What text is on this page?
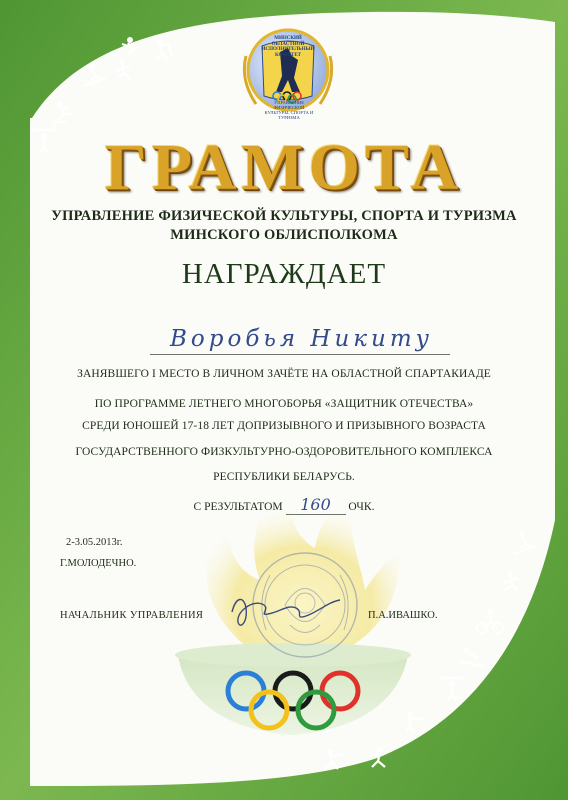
МИНСКИЙ ОБЛАСТНОЙ ИСПОЛНИТЕЛЬНЫЙ КОМИТЕТ
УПРАВЛЕНИЕ ФИЗИЧЕСКОЙ КУЛЬТУРЫ, СПОРТА И ТУРИЗМА
ГРАМОТА
УПРАВЛЕНИЕ ФИЗИЧЕСКОЙ КУЛЬТУРЫ, СПОРТА И ТУРИЗМА
МИНСКОГО ОБЛИСПОЛКОМА
НАГРАЖДАЕТ
Воробья Никиту
ЗАНЯВШЕГО I МЕСТО В ЛИЧНОМ ЗАЧЁТЕ НА ОБЛАСТНОЙ СПАРТАКИАДЕ
ПО ПРОГРАММЕ ЛЕТНЕГО МНОГОБОРЬЯ «ЗАЩИТНИК ОТЕЧЕСТВА»
СРЕДИ ЮНОШЕЙ 17-18 ЛЕТ ДОПРИЗЫВНОГО И ПРИЗЫВНОГО ВОЗРАСТА
ГОСУДАРСТВЕННОГО ФИЗКУЛЬТУРНО-ОЗДОРОВИТЕЛЬНОГО КОМПЛЕКСА
РЕСПУБЛИКИ БЕЛАРУСЬ.
С РЕЗУЛЬТАТОМ 160 ОЧК.
2-3.05.2013г.
Г.МОЛОДЕЧНО.
НАЧАЛЬНИК УПРАВЛЕНИЯ	П.А.ИВАШКО.
